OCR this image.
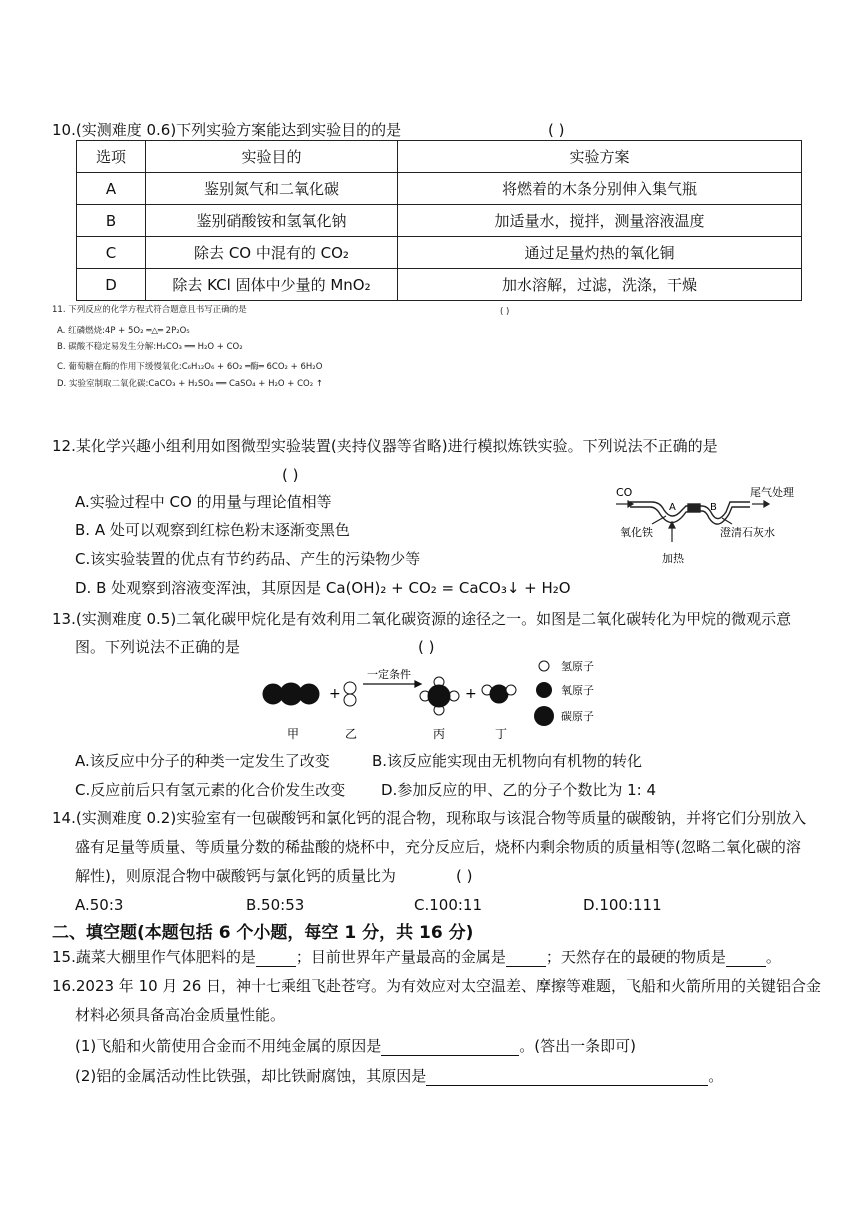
10.(实测难度 0.6)下列实验方案能达到实验目的的是	( )
选项	实验目的	实验方案
A	鉴别氮气和二氧化碳	将燃着的木条分别伸入集气瓶
B	鉴别硝酸铵和氢氧化钠	加适量水，搅拌，测量溶液温度
C	除去 CO 中混有的 CO₂	通过足量灼热的氧化铜
D	除去 KCl 固体中少量的 MnO₂	加水溶解，过滤，洗涤，干燥
11. 下列反应的化学方程式符合题意且书写正确的是	( )
A. 红磷燃烧:4P + 5O₂ ═△═ 2P₂O₅
B. 碳酸不稳定易发生分解:H₂CO₃ ══ H₂O + CO₂
C. 葡萄糖在酶的作用下缓慢氧化:C₆H₁₂O₆ + 6O₂ ═酶═ 6CO₂ + 6H₂O
D. 实验室制取二氧化碳:CaCO₃ + H₂SO₄ ══ CaSO₄ + H₂O + CO₂ ↑
12.某化学兴趣小组利用如图微型实验装置(夹持仪器等省略)进行模拟炼铁实验。下列说法不正确的是
( )
A.实验过程中 CO 的用量与理论值相等
B. A 处可以观察到红棕色粉末逐渐变黑色
C.该实验装置的优点有节约药品、产生的污染物少等
D. B 处观察到溶液变浑浊，其原因是 Ca(OH)₂ + CO₂ = CaCO₃↓ + H₂O
CO	尾气处理
A	B
氧化铁	澄清石灰水
加热
13.(实测难度 0.5)二氧化碳甲烷化是有效利用二氧化碳资源的途径之一。如图是二氧化碳转化为甲烷的微观示意
图。下列说法不正确的是	( )
+
一定条件
+
甲	乙	丙	丁
氢原子
氧原子
碳原子
A.该反应中分子的种类一定发生了改变	B.该反应能实现由无机物向有机物的转化
C.反应前后只有氢元素的化合价发生改变 D.参加反应的甲、乙的分子个数比为 1: 4
14.(实测难度 0.2)实验室有一包碳酸钙和氯化钙的混合物，现称取与该混合物等质量的碳酸钠，并将它们分别放入
盛有足量等质量、等质量分数的稀盐酸的烧杯中，充分反应后，烧杯内剩余物质的质量相等(忽略二氧化碳的溶
解性)，则原混合物中碳酸钙与氯化钙的质量比为	( )
A.50:3	B.50:53	C.100:11	D.100:111
二、填空题(本题包括 6 个小题，每空 1 分，共 16 分)
15.蔬菜大棚里作气体肥料的是	；目前世界年产量最高的金属是	；天然存在的最硬的物质是	。
16.2023 年 10 月 26 日，神十七乘组飞赴苍穹。为有效应对太空温差、摩擦等难题，飞船和火箭所用的关键铝合金
材料必须具备高冶金质量性能。
(1)飞船和火箭使用合金而不用纯金属的原因是	。(答出一条即可)
(2)铝的金属活动性比铁强，却比铁耐腐蚀，其原因是	。
